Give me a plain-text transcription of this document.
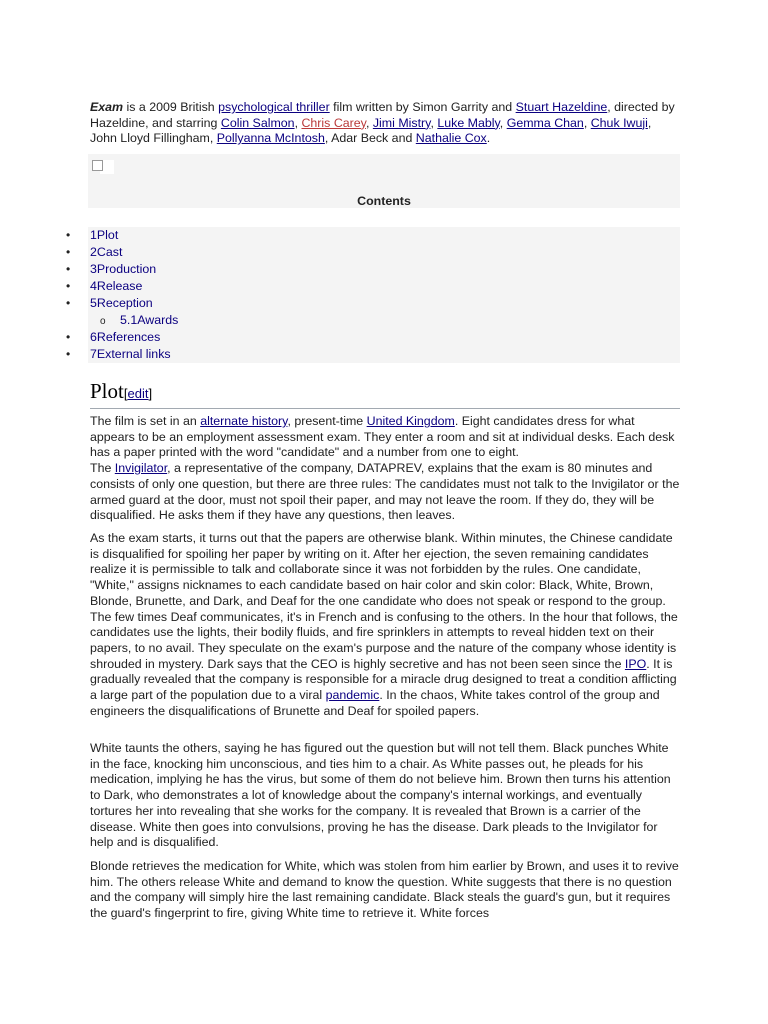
Exam is a 2009 British psychological thriller film written by Simon Garrity and Stuart Hazeldine, directed by Hazeldine, and starring Colin Salmon, Chris Carey, Jimi Mistry, Luke Mably, Gemma Chan, Chuk Iwuji, John Lloyd Fillingham, Pollyanna McIntosh, Adar Beck and Nathalie Cox.

Contents
• 1Plot
• 2Cast
• 3Production
• 4Release
• 5Reception
o 5.1Awards
• 6References
• 7External links
Plot[edit]

The film is set in an alternate history, present-time United Kingdom. Eight candidates dress for what appears to be an employment assessment exam. They enter a room and sit at individual desks. Each desk has a paper printed with the word "candidate" and a number from one to eight.
The Invigilator, a representative of the company, DATAPREV, explains that the exam is 80 minutes and consists of only one question, but there are three rules: The candidates must not talk to the Invigilator or the armed guard at the door, must not spoil their paper, and may not leave the room. If they do, they will be disqualified. He asks them if they have any questions, then leaves.

As the exam starts, it turns out that the papers are otherwise blank. Within minutes, the Chinese candidate is disqualified for spoiling her paper by writing on it. After her ejection, the seven remaining candidates realize it is permissible to talk and collaborate since it was not forbidden by the rules. One candidate, "White," assigns nicknames to each candidate based on hair color and skin color: Black, White, Brown, Blonde, Brunette, and Dark, and Deaf for the one candidate who does not speak or respond to the group. The few times Deaf communicates, it's in French and is confusing to the others. In the hour that follows, the candidates use the lights, their bodily fluids, and fire sprinklers in attempts to reveal hidden text on their papers, to no avail. They speculate on the exam's purpose and the nature of the company whose identity is shrouded in mystery. Dark says that the CEO is highly secretive and has not been seen since the IPO. It is gradually revealed that the company is responsible for a miracle drug designed to treat a condition afflicting a large part of the population due to a viral pandemic. In the chaos, White takes control of the group and engineers the disqualifications of Brunette and Deaf for spoiled papers.

White taunts the others, saying he has figured out the question but will not tell them. Black punches White in the face, knocking him unconscious, and ties him to a chair. As White passes out, he pleads for his medication, implying he has the virus, but some of them do not believe him. Brown then turns his attention to Dark, who demonstrates a lot of knowledge about the company's internal workings, and eventually tortures her into revealing that she works for the company. It is revealed that Brown is a carrier of the disease. White then goes into convulsions, proving he has the disease. Dark pleads to the Invigilator for help and is disqualified.

Blonde retrieves the medication for White, which was stolen from him earlier by Brown, and uses it to revive him. The others release White and demand to know the question. White suggests that there is no question and the company will simply hire the last remaining candidate. Black steals the guard's gun, but it requires the guard's fingerprint to fire, giving White time to retrieve it. White forces
